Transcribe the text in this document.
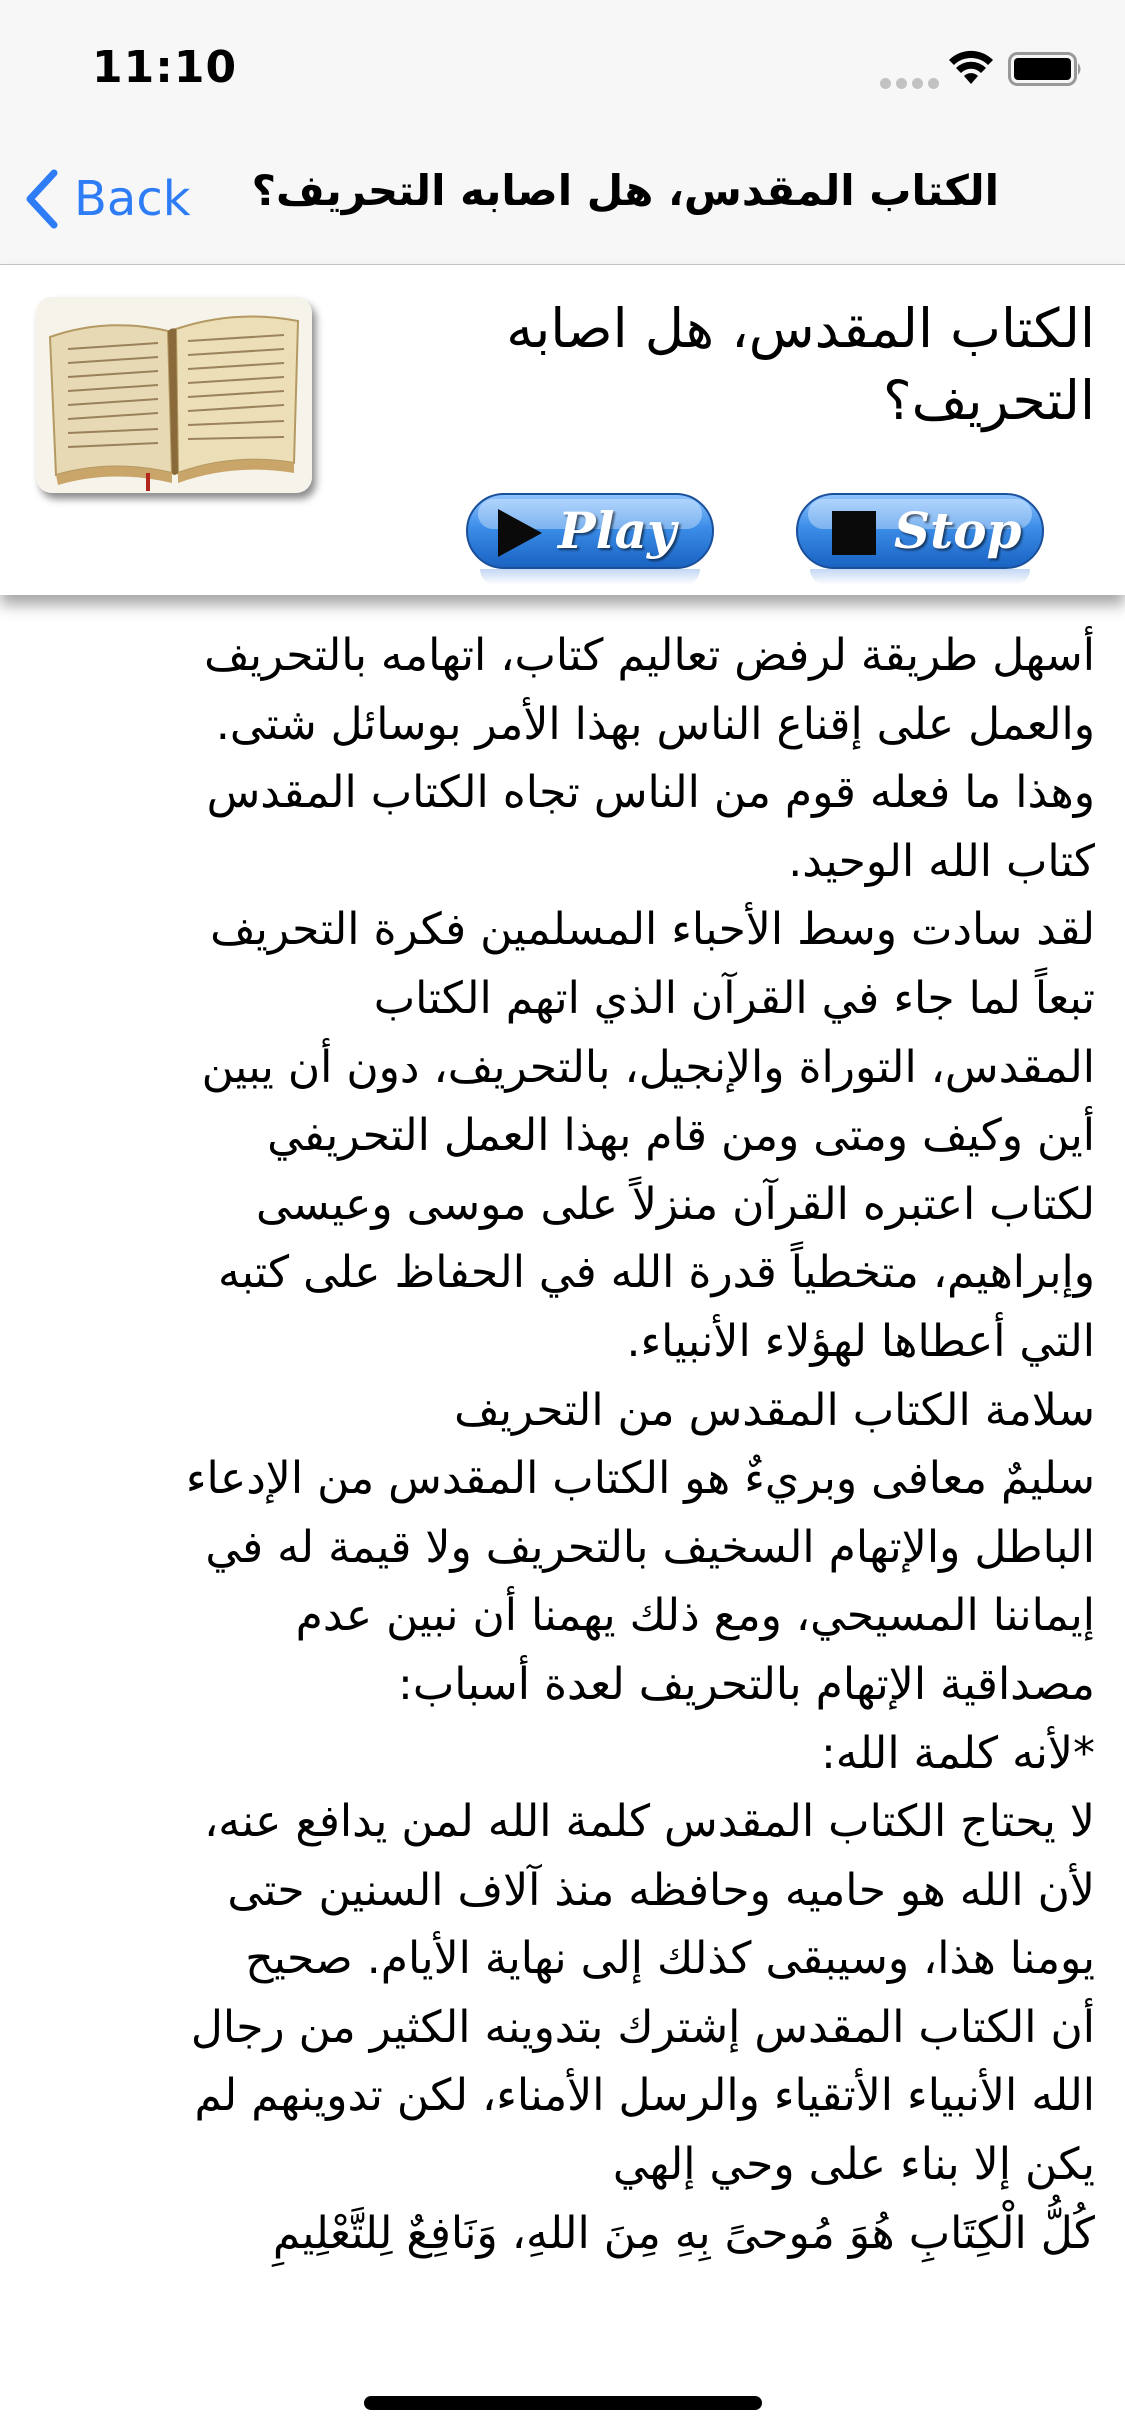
11:10
Back	الكتاب المقدس، هل اصابه التحريف؟
الكتاب المقدس، هل اصابه
التحريف؟
Play	Stop
أسهل طريقة لرفض تعاليم كتاب، اتهامه بالتحريف
والعمل على إقناع الناس بهذا الأمر بوسائل شتى.
وهذا ما فعله قوم من الناس تجاه الكتاب المقدس
كتاب الله الوحيد.
لقد سادت وسط الأحباء المسلمين فكرة التحريف
تبعاً لما جاء في القرآن الذي اتهم الكتاب
المقدس، التوراة والإنجيل، بالتحريف، دون أن يبين
أين وكيف ومتى ومن قام بهذا العمل التحريفي
لكتاب اعتبره القرآن منزلاً على موسى وعيسى
وإبراهيم، متخطياً قدرة الله في الحفاظ على كتبه
التي أعطاها لهؤلاء الأنبياء.
سلامة الكتاب المقدس من التحريف
سليمٌ معافى وبريءٌ هو الكتاب المقدس من الإدعاء
الباطل والإتهام السخيف بالتحريف ولا قيمة له في
إيماننا المسيحي، ومع ذلك يهمنا أن نبين عدم
مصداقية الإتهام بالتحريف لعدة أسباب:
*لأنه كلمة الله:
لا يحتاج الكتاب المقدس كلمة الله لمن يدافع عنه،
لأن الله هو حاميه وحافظه منذ آلاف السنين حتى
يومنا هذا، وسيبقى كذلك إلى نهاية الأيام. صحيح
أن الكتاب المقدس إشترك بتدوينه الكثير من رجال
الله الأنبياء الأتقياء والرسل الأمناء، لكن تدوينهم لم
يكن إلا بناء على وحي إلهي
كُلُّ الْكِتَابِ هُوَ مُوحىً بِهِ مِنَ اللهِ، وَنَافِعٌ لِلتَّعْلِيمِ
